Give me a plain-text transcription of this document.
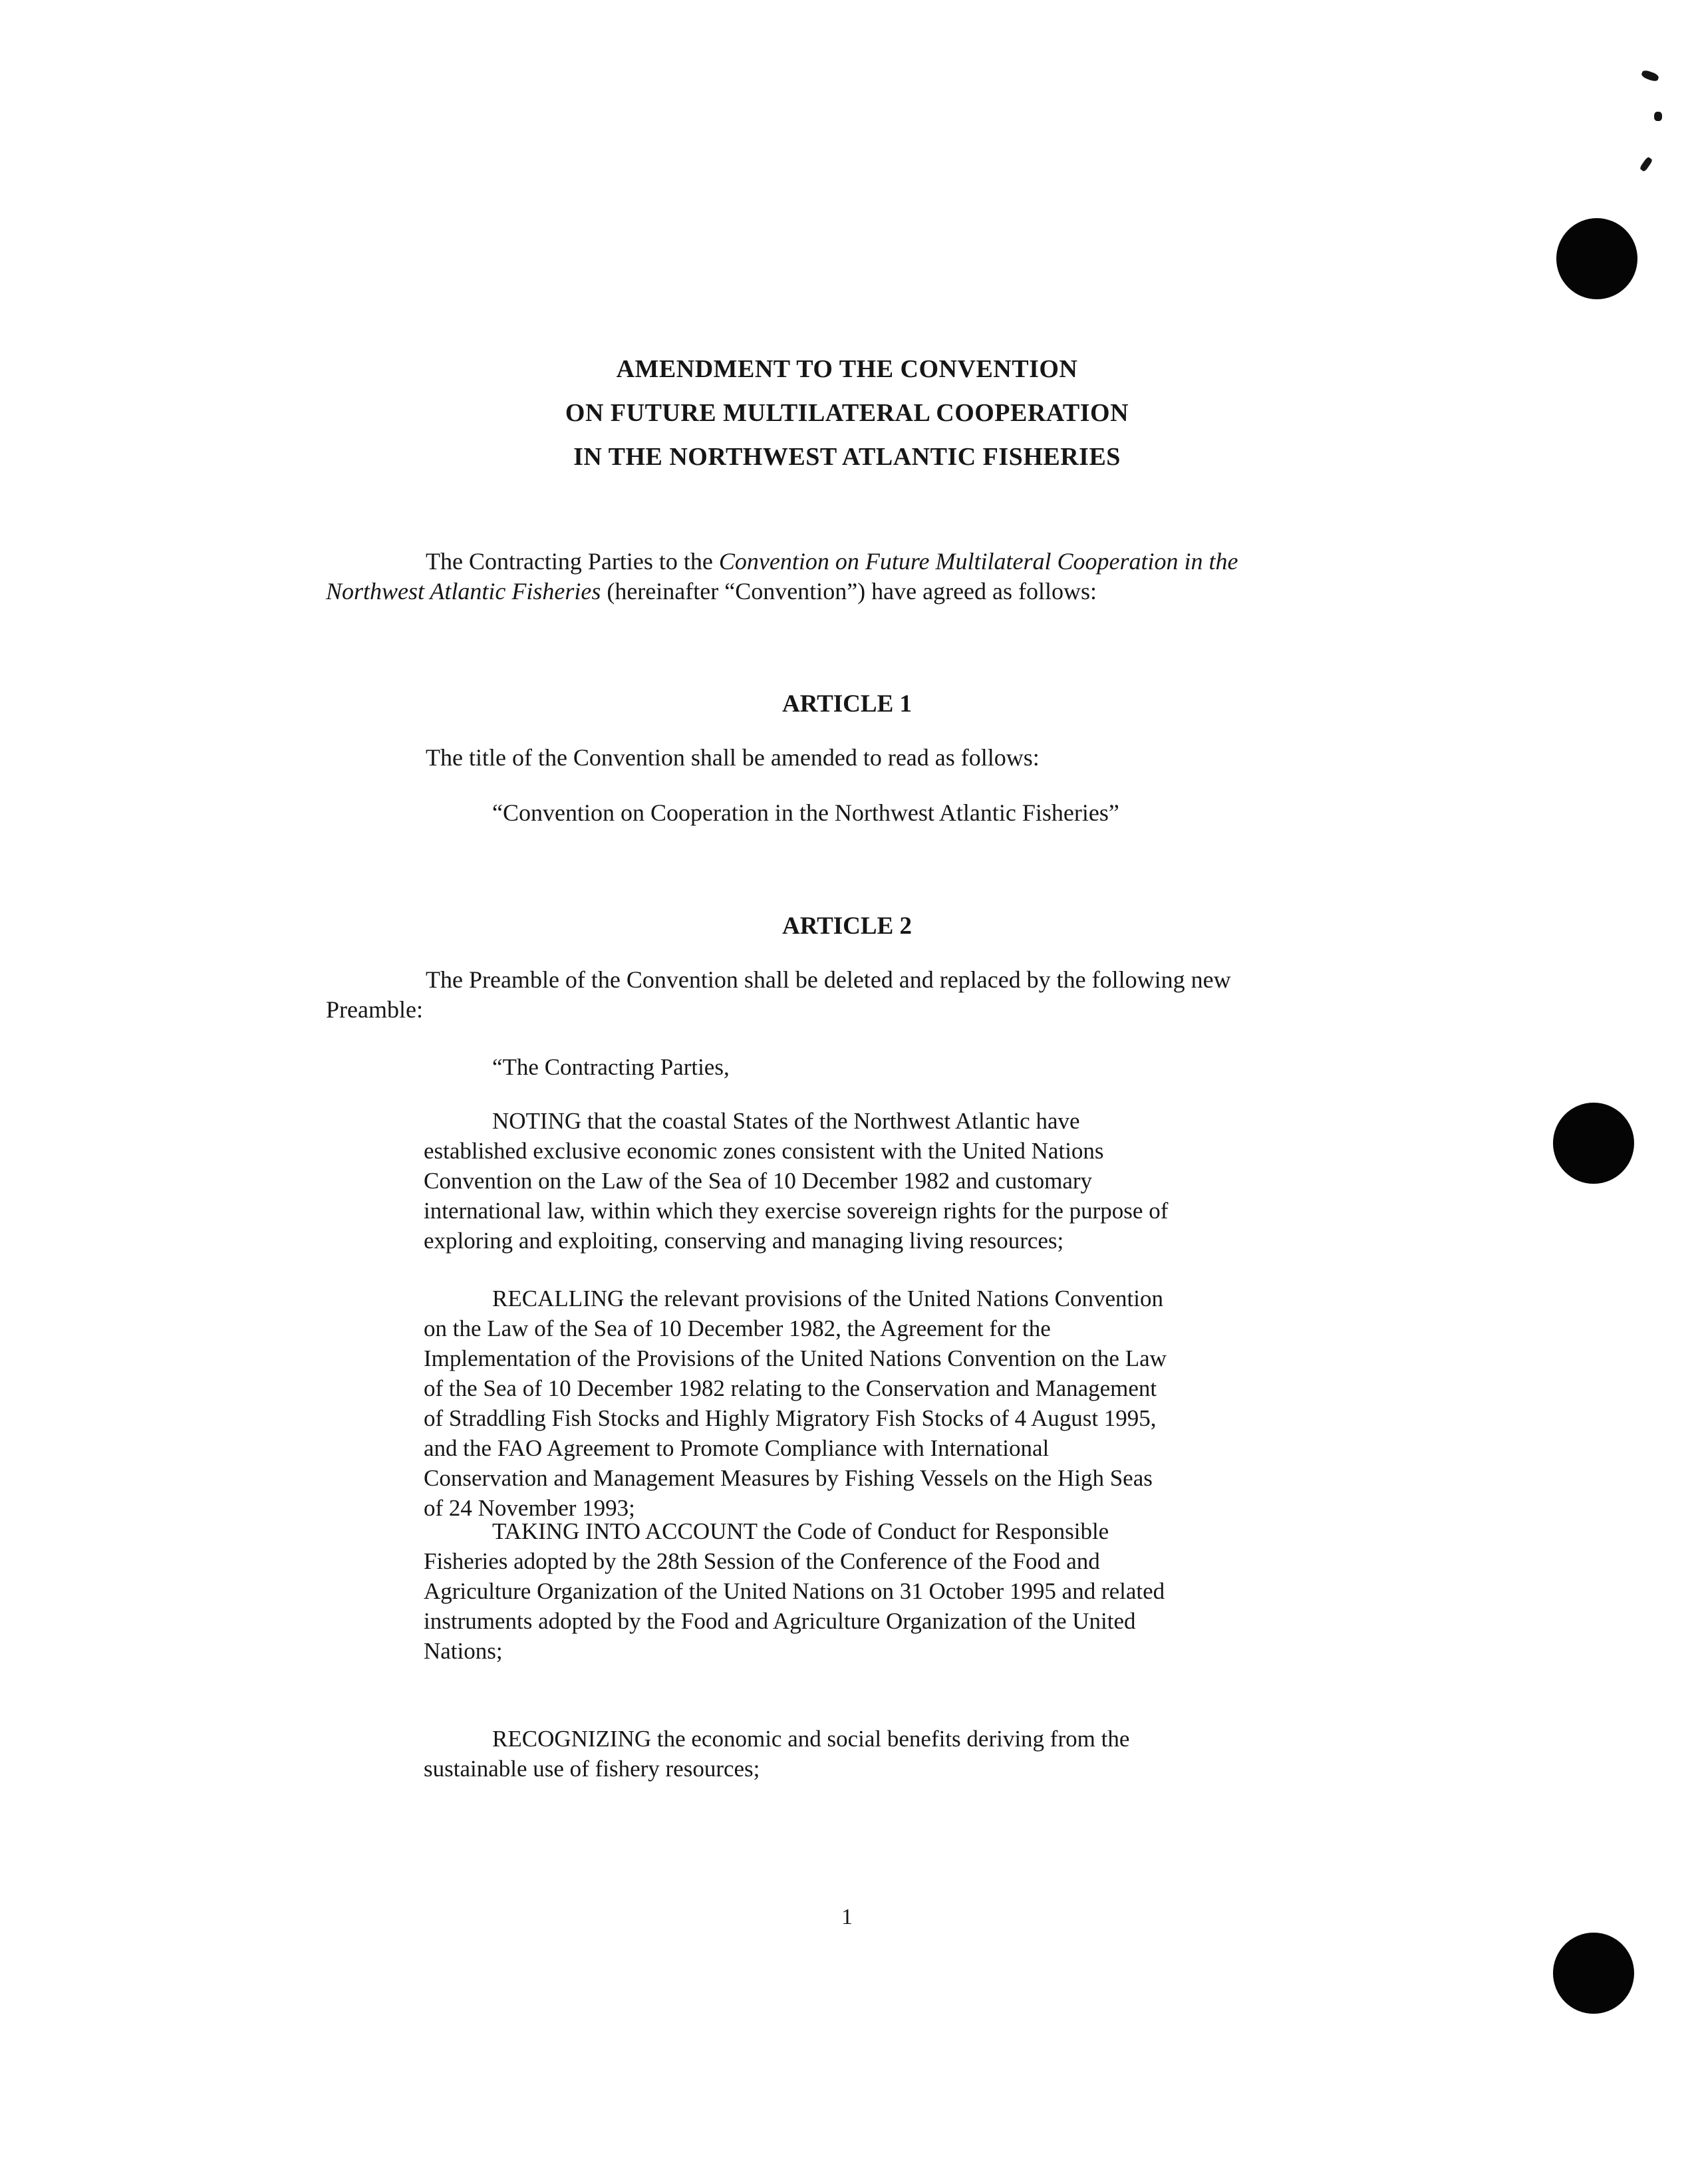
AMENDMENT TO THE CONVENTION
ON FUTURE MULTILATERAL COOPERATION
IN THE NORTHWEST ATLANTIC FISHERIES
The Contracting Parties to the Convention on Future Multilateral Cooperation in the
Northwest Atlantic Fisheries (hereinafter “Convention”) have agreed as follows:
ARTICLE 1
The title of the Convention shall be amended to read as follows:
“Convention on Cooperation in the Northwest Atlantic Fisheries”
ARTICLE 2
The Preamble of the Convention shall be deleted and replaced by the following new
Preamble:
“The Contracting Parties,
NOTING that the coastal States of the Northwest Atlantic have
established exclusive economic zones consistent with the United Nations
Convention on the Law of the Sea of 10 December 1982 and customary
international law, within which they exercise sovereign rights for the purpose of
exploring and exploiting, conserving and managing living resources;
RECALLING the relevant provisions of the United Nations Convention
on the Law of the Sea of 10 December 1982, the Agreement for the
Implementation of the Provisions of the United Nations Convention on the Law
of the Sea of 10 December 1982 relating to the Conservation and Management
of Straddling Fish Stocks and Highly Migratory Fish Stocks of 4 August 1995,
and the FAO Agreement to Promote Compliance with International
Conservation and Management Measures by Fishing Vessels on the High Seas
of 24 November 1993;
TAKING INTO ACCOUNT the Code of Conduct for Responsible
Fisheries adopted by the 28th Session of the Conference of the Food and
Agriculture Organization of the United Nations on 31 October 1995 and related
instruments adopted by the Food and Agriculture Organization of the United
Nations;
RECOGNIZING the economic and social benefits deriving from the
sustainable use of fishery resources;
1
